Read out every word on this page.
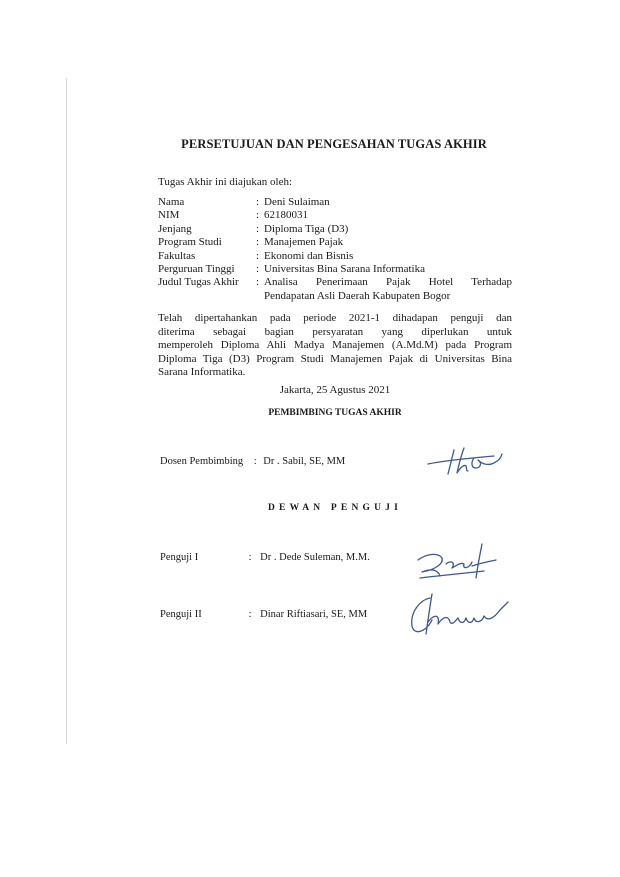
PERSETUJUAN DAN PENGESAHAN TUGAS AKHIR
Tugas Akhir ini diajukan oleh:
Nama	: Deni Sulaiman
NIM	: 62180031
Jenjang	: Diploma Tiga (D3)
Program Studi	: Manajemen Pajak
Fakultas	: Ekonomi dan Bisnis
Perguruan Tinggi	: Universitas Bina Sarana Informatika
Judul Tugas Akhir	: Analisa Penerimaan Pajak Hotel Terhadap
Pendapatan Asli Daerah Kabupaten Bogor
Telah dipertahankan pada periode 2021-1 dihadapan penguji dan
diterima sebagai bagian persyaratan yang diperlukan untuk
memperoleh Diploma Ahli Madya Manajemen (A.Md.M) pada Program
Diploma Tiga (D3) Program Studi Manajemen Pajak di Universitas Bina
Sarana Informatika.
Jakarta, 25 Agustus 2021
PEMBIMBING TUGAS AKHIR
Dosen Pembimbing : Dr . Sabil, SE, MM
DEWAN PENGUJI
Penguji I	: Dr . Dede Suleman, M.M.
Penguji II	: Dinar Riftiasari, SE, MM
